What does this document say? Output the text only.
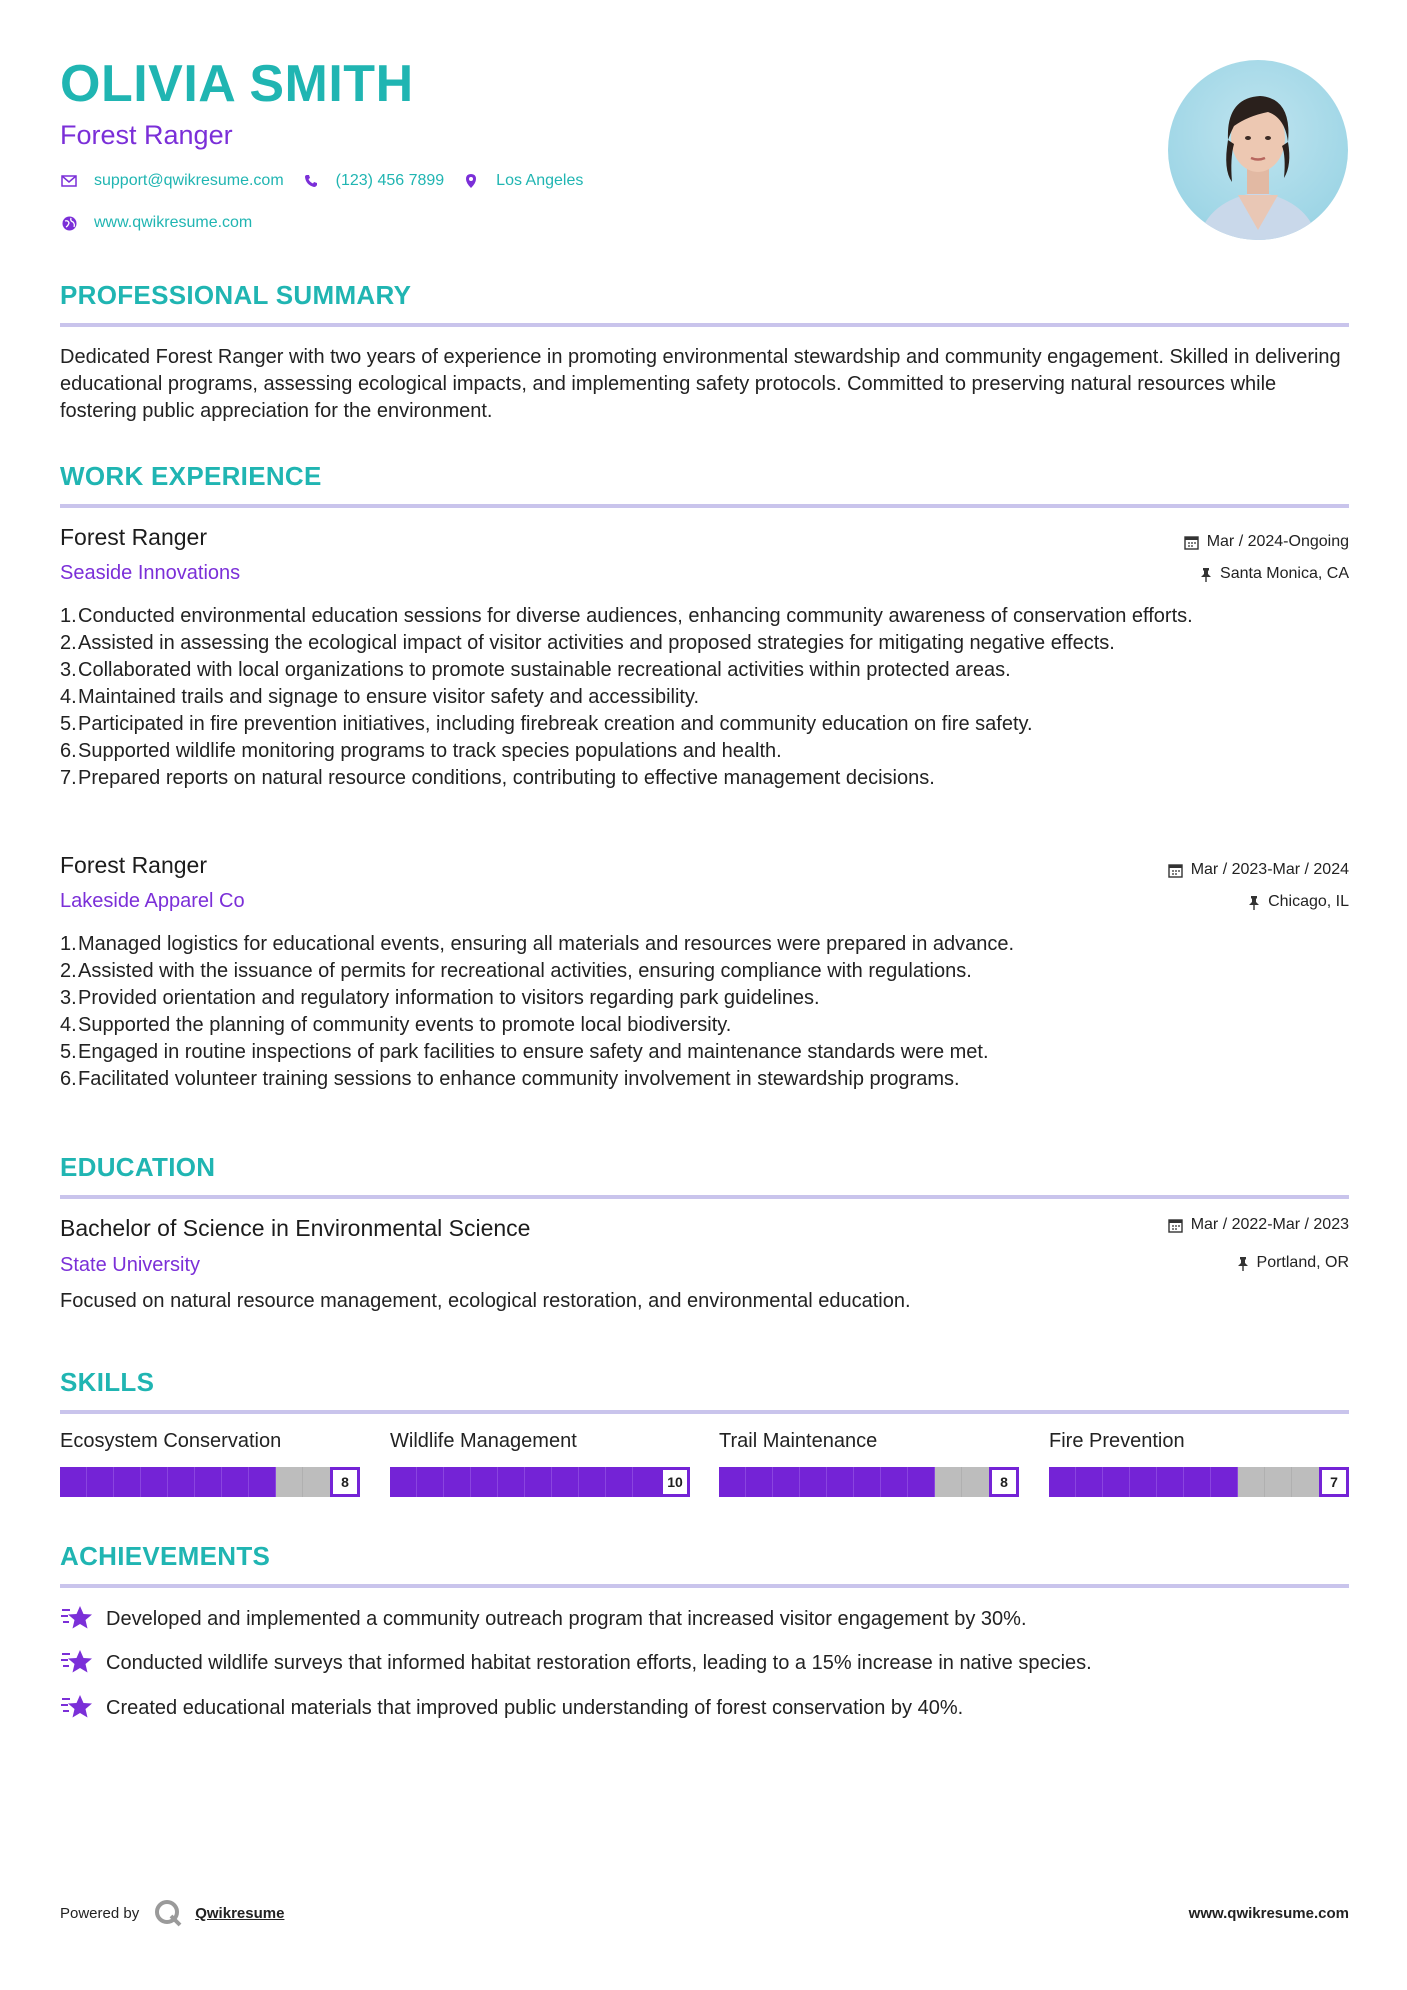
OLIVIA SMITH
Forest Ranger
support@qwikresume.com	(123) 456 7899	Los Angeles
www.qwikresume.com
PROFESSIONAL SUMMARY
Dedicated Forest Ranger with two years of experience in promoting environmental stewardship and community engagement. Skilled in delivering educational programs, assessing ecological impacts, and implementing safety protocols. Committed to preserving natural resources while fostering public appreciation for the environment.
WORK EXPERIENCE
Forest Ranger
Seaside Innovations
Mar / 2024-Ongoing
Santa Monica, CA
1. Conducted environmental education sessions for diverse audiences, enhancing community awareness of conservation efforts.
2. Assisted in assessing the ecological impact of visitor activities and proposed strategies for mitigating negative effects.
3. Collaborated with local organizations to promote sustainable recreational activities within protected areas.
4. Maintained trails and signage to ensure visitor safety and accessibility.
5. Participated in fire prevention initiatives, including firebreak creation and community education on fire safety.
6. Supported wildlife monitoring programs to track species populations and health.
7. Prepared reports on natural resource conditions, contributing to effective management decisions.
Forest Ranger
Lakeside Apparel Co
Mar / 2023-Mar / 2024
Chicago, IL
1. Managed logistics for educational events, ensuring all materials and resources were prepared in advance.
2. Assisted with the issuance of permits for recreational activities, ensuring compliance with regulations.
3. Provided orientation and regulatory information to visitors regarding park guidelines.
4. Supported the planning of community events to promote local biodiversity.
5. Engaged in routine inspections of park facilities to ensure safety and maintenance standards were met.
6. Facilitated volunteer training sessions to enhance community involvement in stewardship programs.
EDUCATION
Bachelor of Science in Environmental Science
State University
Mar / 2022-Mar / 2023
Portland, OR
Focused on natural resource management, ecological restoration, and environmental education.
SKILLS
Ecosystem Conservation
8
Wildlife Management
10
Trail Maintenance
8
Fire Prevention
7
ACHIEVEMENTS
Developed and implemented a community outreach program that increased visitor engagement by 30%.
Conducted wildlife surveys that informed habitat restoration efforts, leading to a 15% increase in native species.
Created educational materials that improved public understanding of forest conservation by 40%.
Powered by	Qwikresume	www.qwikresume.com
